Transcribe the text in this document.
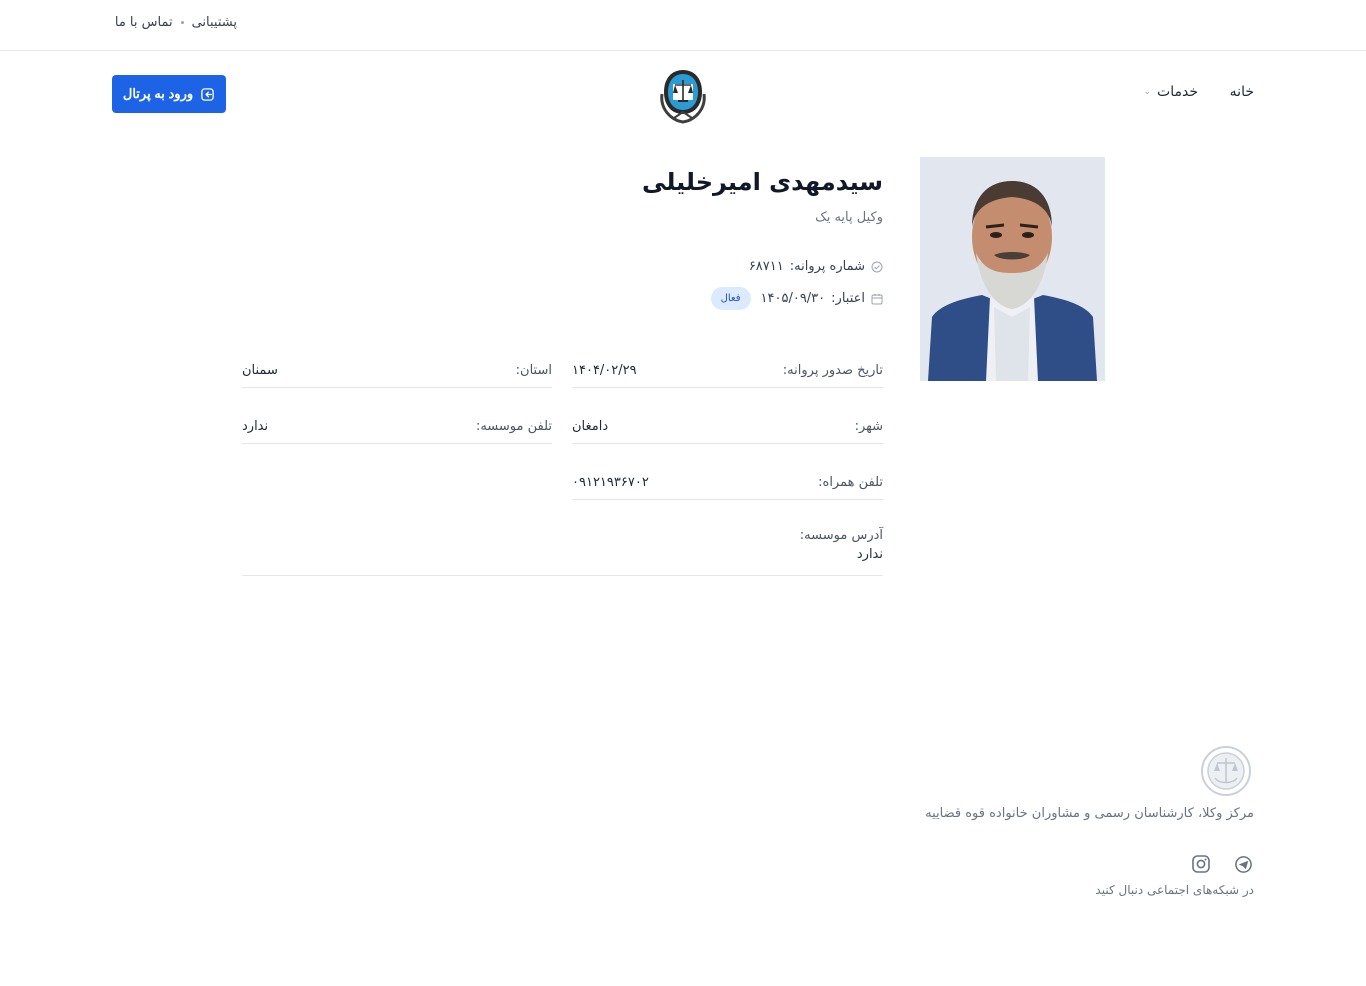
پشتیبانی
تماس با ما
خانه
خدمات
⌄
ورود به پرتال
سیدمهدی امیرخلیلی
وکیل پایه یک
شماره پروانه:
۶۸۷۱۱
اعتبار:
۱۴۰۵/۰۹/۳۰
فعال
تاریخ صدور پروانه:
۱۴۰۴/۰۲/۲۹
استان:
سمنان
شهر:
دامغان
تلفن موسسه:
ندارد
تلفن همراه:
۰۹۱۲۱۹۳۶۷۰۲
آدرس موسسه:
ندارد
مرکز وکلا، کارشناسان رسمی و مشاوران خانواده قوه قضاییه
در شبکه‌های اجتماعی دنبال کنید
